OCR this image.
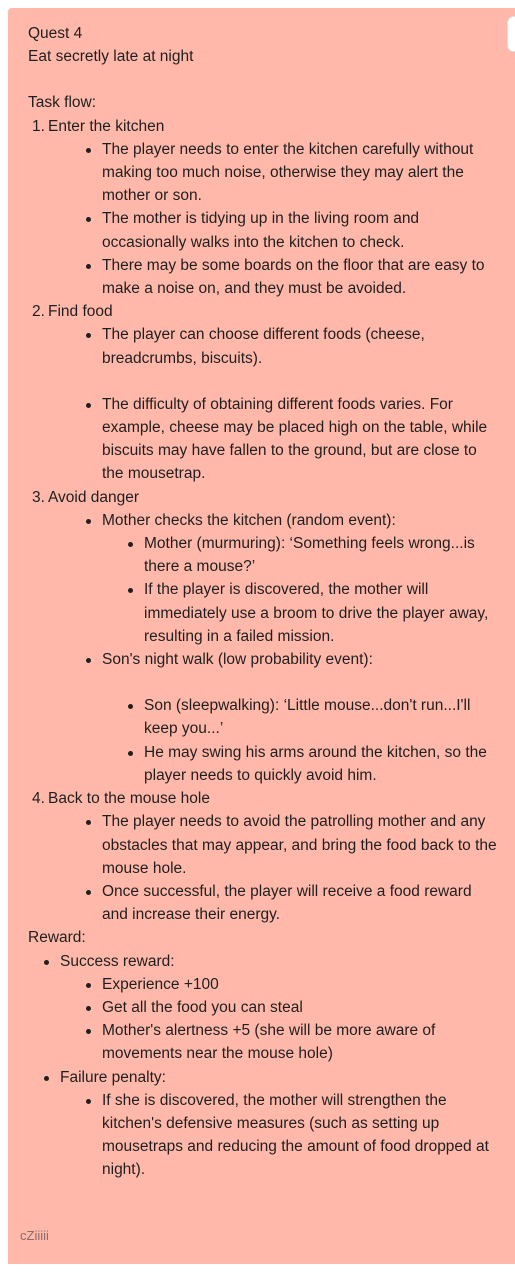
Quest 4

Eat secretly late at night

Task flow:

1. Enter the kitchen
The player needs to enter the kitchen carefully without making too much noise, otherwise they may alert the mother or son.
The mother is tidying up in the living room and occasionally walks into the kitchen to check.
There may be some boards on the floor that are easy to make a noise on, and they must be avoided.
2. Find food
The player can choose different foods (cheese, breadcrumbs, biscuits).
The difficulty of obtaining different foods varies. For example, cheese may be placed high on the table, while biscuits may have fallen to the ground, but are close to the mousetrap.
3. Avoid danger
Mother checks the kitchen (random event):
Mother (murmuring): ‘Something feels wrong...is there a mouse?’
If the player is discovered, the mother will immediately use a broom to drive the player away, resulting in a failed mission.
Son's night walk (low probability event):
Son (sleepwalking): ‘Little mouse...don't run...I'll keep you...’
He may swing his arms around the kitchen, so the player needs to quickly avoid him.
4. Back to the mouse hole
The player needs to avoid the patrolling mother and any obstacles that may appear, and bring the food back to the mouse hole.
Once successful, the player will receive a food reward and increase their energy.

Reward:

Success reward:
Experience +100
Get all the food you can steal
Mother's alertness +5 (she will be more aware of movements near the mouse hole)
Failure penalty:
If she is discovered, the mother will strengthen the kitchen's defensive measures (such as setting up mousetraps and reducing the amount of food dropped at night).
cZiiiii
